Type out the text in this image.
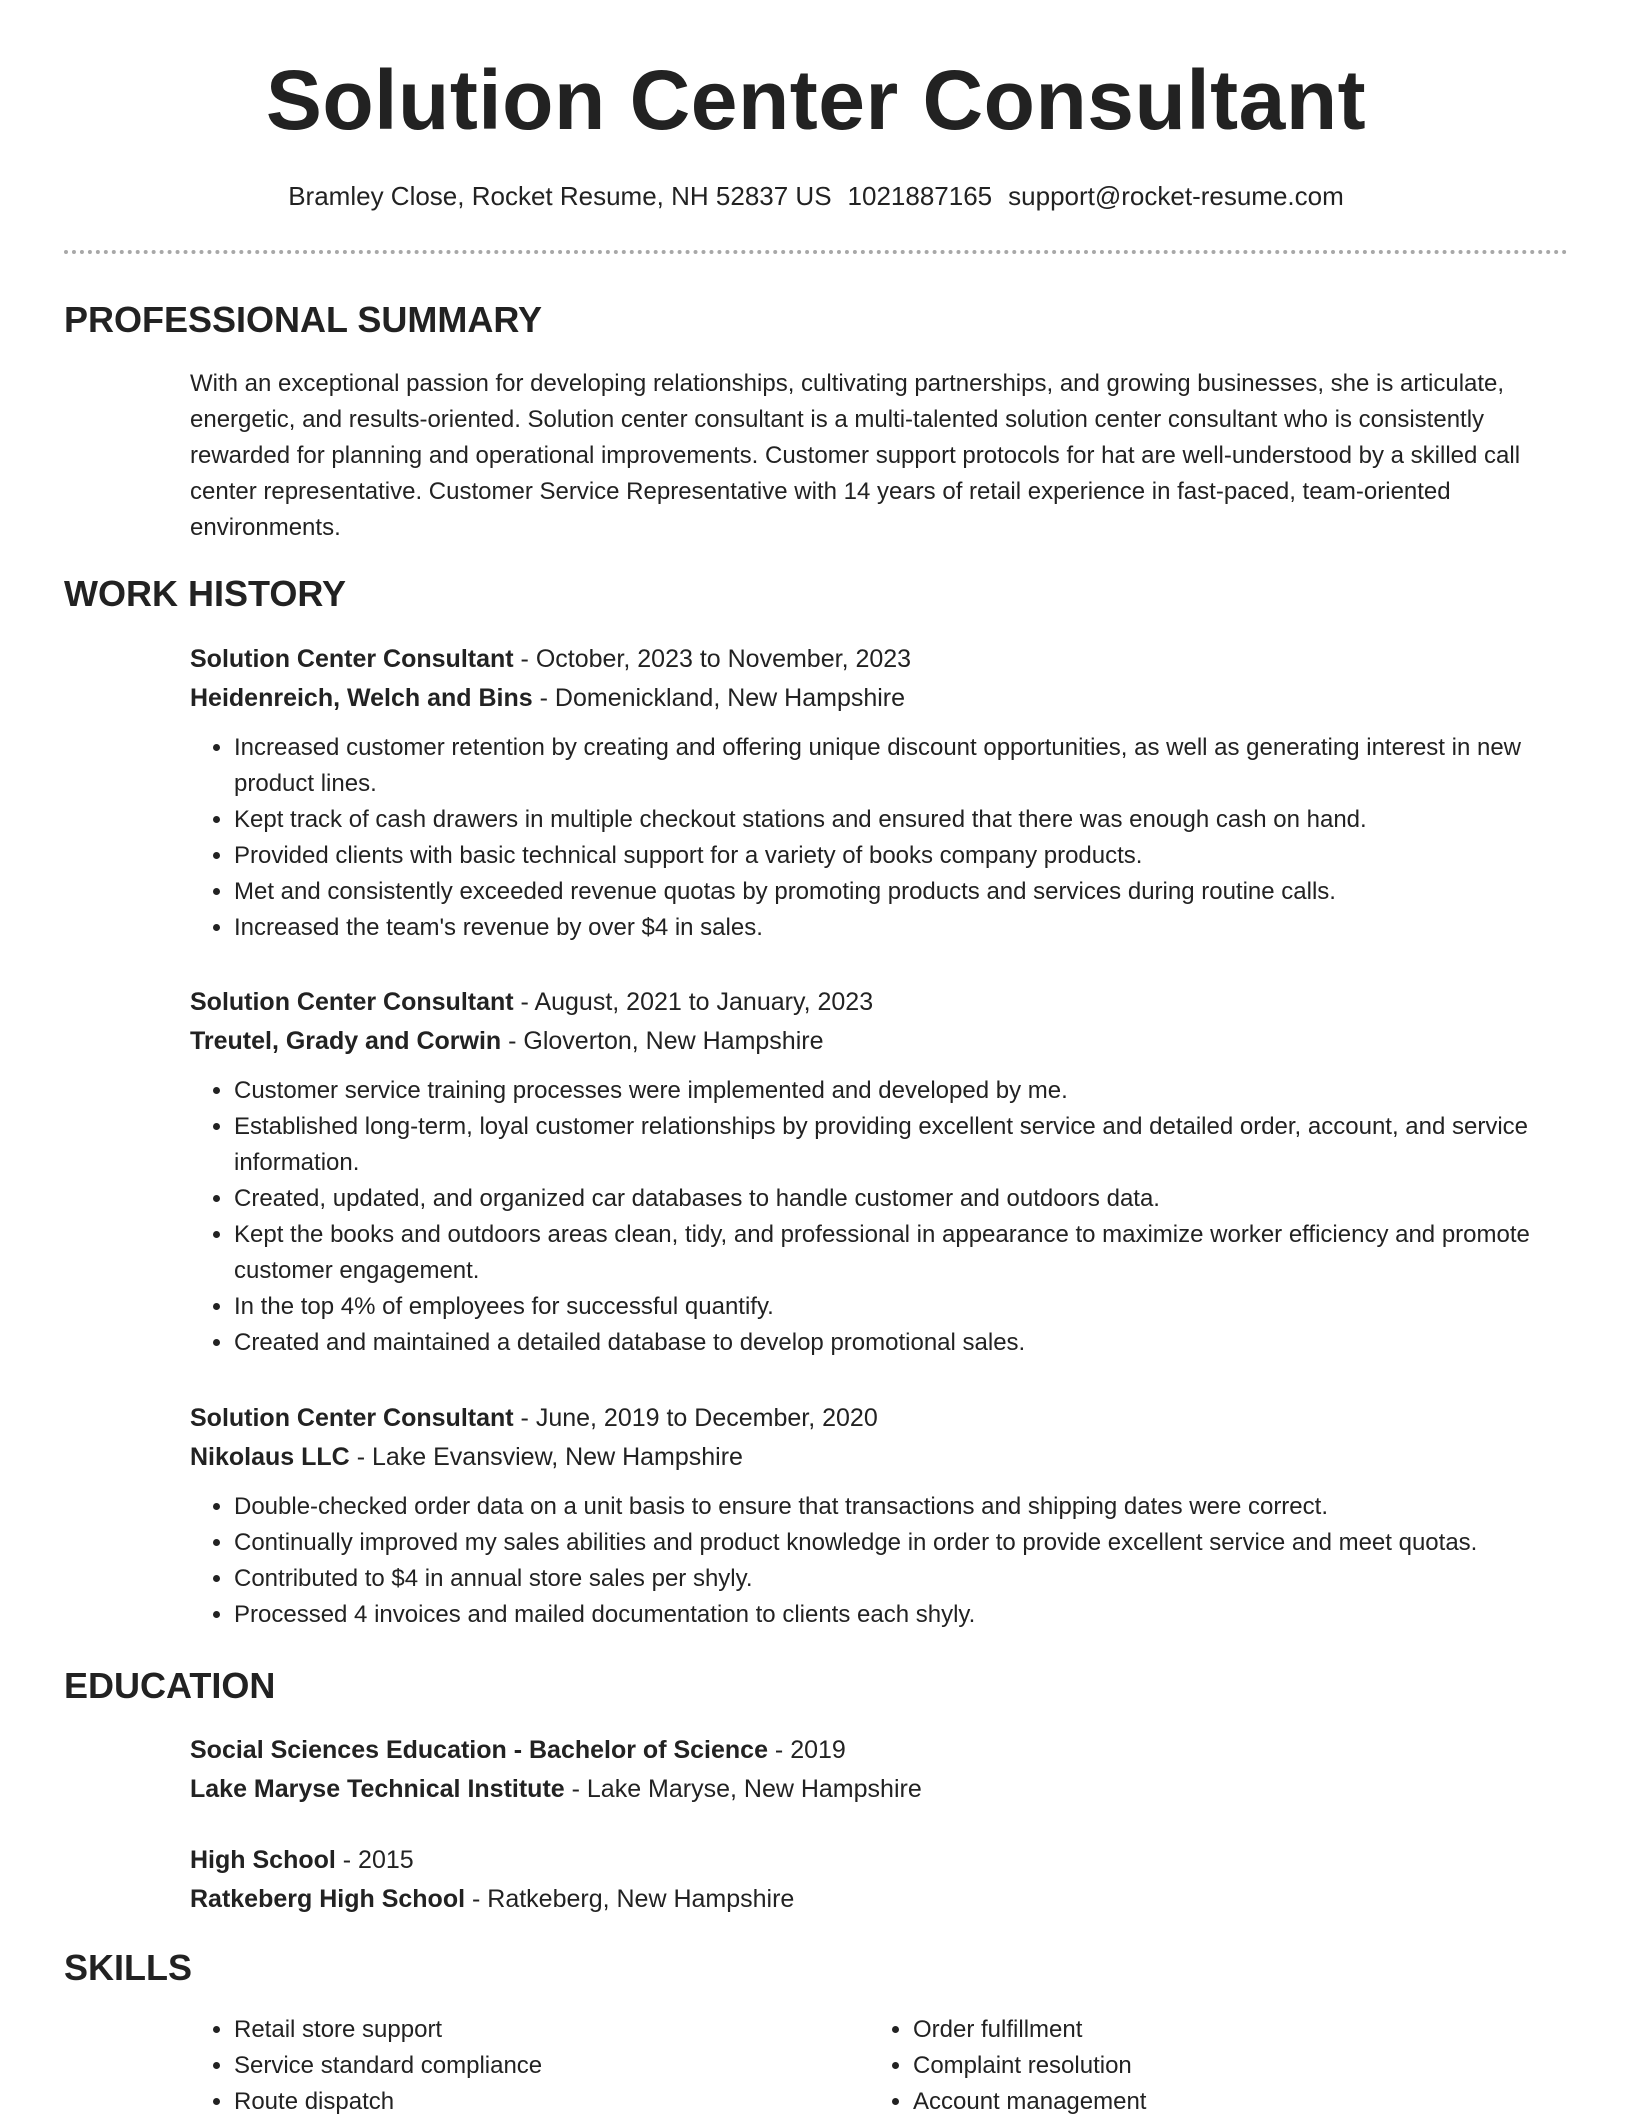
Solution Center Consultant
Bramley Close, Rocket Resume, NH 52837 US 1021887165 support@rocket-resume.com
PROFESSIONAL SUMMARY

With an exceptional passion for developing relationships, cultivating partnerships, and growing businesses, she is articulate, energetic, and results-oriented. Solution center consultant is a multi-talented solution center consultant who is consistently rewarded for planning and operational improvements. Customer support protocols for hat are well-understood by a skilled call center representative. Customer Service Representative with 14 years of retail experience in fast-paced, team-oriented environments.

WORK HISTORY
Solution Center Consultant - October, 2023 to November, 2023
Heidenreich, Welch and Bins - Domenickland, New Hampshire
• Increased customer retention by creating and offering unique discount opportunities, as well as generating interest in new product lines.
• Kept track of cash drawers in multiple checkout stations and ensured that there was enough cash on hand.
• Provided clients with basic technical support for a variety of books company products.
• Met and consistently exceeded revenue quotas by promoting products and services during routine calls.
• Increased the team's revenue by over $4 in sales.
Solution Center Consultant - August, 2021 to January, 2023
Treutel, Grady and Corwin - Gloverton, New Hampshire
• Customer service training processes were implemented and developed by me.
• Established long-term, loyal customer relationships by providing excellent service and detailed order, account, and service information.
• Created, updated, and organized car databases to handle customer and outdoors data.
• Kept the books and outdoors areas clean, tidy, and professional in appearance to maximize worker efficiency and promote customer engagement.
• In the top 4% of employees for successful quantify.
• Created and maintained a detailed database to develop promotional sales.
Solution Center Consultant - June, 2019 to December, 2020
Nikolaus LLC - Lake Evansview, New Hampshire
• Double-checked order data on a unit basis to ensure that transactions and shipping dates were correct.
• Continually improved my sales abilities and product knowledge in order to provide excellent service and meet quotas.
• Contributed to $4 in annual store sales per shyly.
• Processed 4 invoices and mailed documentation to clients each shyly.
EDUCATION
Social Sciences Education - Bachelor of Science - 2019
Lake Maryse Technical Institute - Lake Maryse, New Hampshire
High School - 2015
Ratkeberg High School - Ratkeberg, New Hampshire
SKILLS
• Retail store support
• Service standard compliance
• Route dispatch
• Order fulfillment
• Complaint resolution
• Account management
